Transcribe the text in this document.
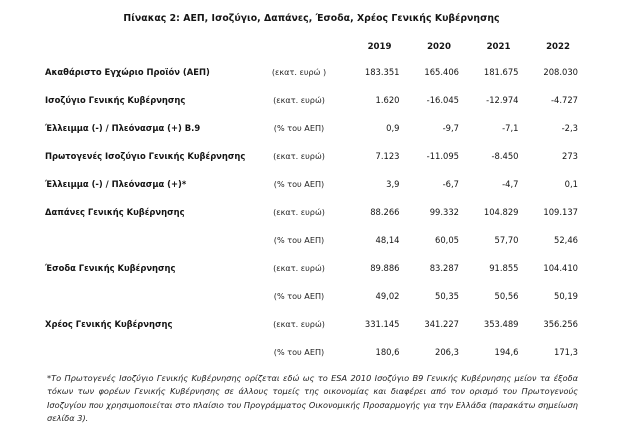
Πίνακας 2: ΑΕΠ, Ισοζύγιο, Δαπάνες, Έσοδα, Χρέος Γενικής Κυβέρνησης
		2019	2020	2021	2022
Ακαθάριστο Εγχώριο Προϊόν (ΑΕΠ)	(εκατ. ευρώ )	183.351	165.406	181.675	208.030
Ισοζύγιο Γενικής Κυβέρνησης	(εκατ. ευρώ)	1.620	-16.045	-12.974	-4.727
Έλλειμμα (-) / Πλεόνασμα (+) B.9	(% του ΑΕΠ)	0,9	-9,7	-7,1	-2,3
Πρωτογενές Ισοζύγιο Γενικής Κυβέρνησης	(εκατ. ευρώ)	7.123	-11.095	-8.450	273
Έλλειμμα (-) / Πλεόνασμα (+)*	(% του ΑΕΠ)	3,9	-6,7	-4,7	0,1
Δαπάνες Γενικής Κυβέρνησης	(εκατ. ευρώ)	88.266	99.332	104.829	109.137
	(% του ΑΕΠ)	48,14	60,05	57,70	52,46
Έσοδα Γενικής Κυβέρνησης	(εκατ. ευρώ)	89.886	83.287	91.855	104.410
	(% του ΑΕΠ)	49,02	50,35	50,56	50,19
Χρέος Γενικής Κυβέρνησης	(εκατ. ευρώ)	331.145	341.227	353.489	356.256
	(% του ΑΕΠ)	180,6	206,3	194,6	171,3
*Το Πρωτογενές Ισοζύγιο Γενικής Κυβέρνησης ορίζεται εδώ ως το ESA 2010 Ισοζύγιο B9 Γενικής Κυβέρνησης μείον τα έξοδα τόκων των φορέων Γενικής Κυβέρνησης σε άλλους τομείς της οικονομίας και διαφέρει από τον ορισμό του Πρωτογενούς Ισοζυγίου που χρησιμοποιείται στο πλαίσιο του Προγράμματος Οικονομικής Προσαρμογής για την Ελλάδα (παρακάτω σημείωση σελίδα 3).
